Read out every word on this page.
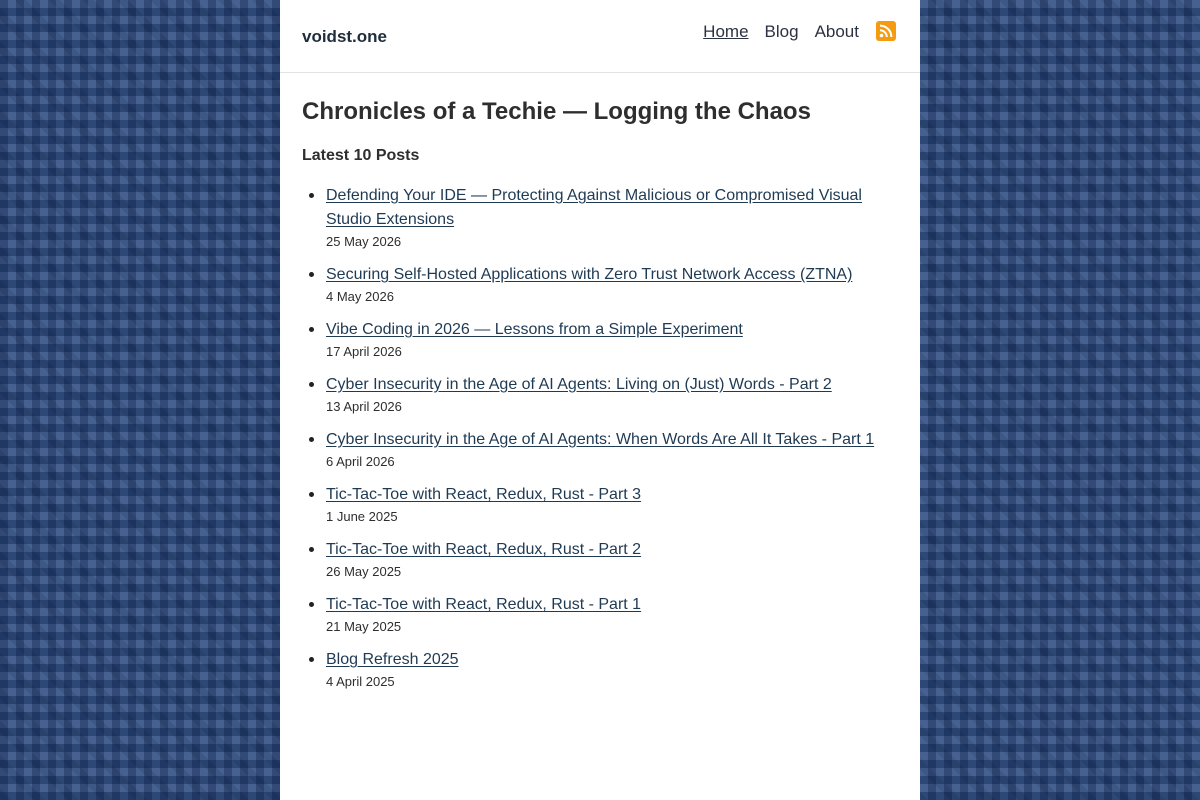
voidst.one	Home Blog About
Chronicles of a Techie — Logging the Chaos
Latest 10 Posts
Defending Your IDE — Protecting Against Malicious or Compromised Visual Studio Extensions
25 May 2026
Securing Self-Hosted Applications with Zero Trust Network Access (ZTNA)
4 May 2026
Vibe Coding in 2026 — Lessons from a Simple Experiment
17 April 2026
Cyber Insecurity in the Age of AI Agents: Living on (Just) Words - Part 2
13 April 2026
Cyber Insecurity in the Age of AI Agents: When Words Are All It Takes - Part 1
6 April 2026
Tic-Tac-Toe with React, Redux, Rust - Part 3
1 June 2025
Tic-Tac-Toe with React, Redux, Rust - Part 2
26 May 2025
Tic-Tac-Toe with React, Redux, Rust - Part 1
21 May 2025
Blog Refresh 2025
4 April 2025
